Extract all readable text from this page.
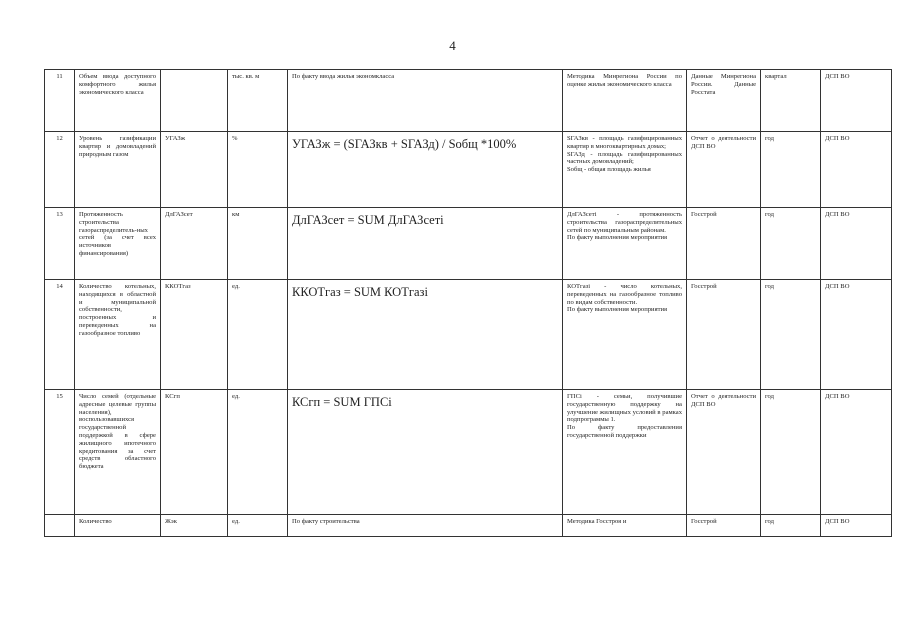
4
11	Объем ввода доступного комфортного жилья экономического класса		тыс. кв. м	По факту ввода жилья экономкласса	Методика Минрегиона России по оценке жилья экономического класса	Данные Минрегиона России. Данные Росстата	квартал	ДСП ВО
12	Уровень газификации квартир и домовладений природным газом	УГАЗж	%	УГАЗж = (SГАЗкв + SГАЗд) / Sобщ *100%	SГАЗкв - площадь газифицированных квартир в многоквартирных домах;
SГАЗд - площадь газифицированных частных домовладений;
Sобщ - общая площадь жилья	Отчет о деятельности ДСП ВО	год	ДСП ВО
13	Протяженность строительства газораспределитель-ных сетей (за счет всех источников финансирования)	ДлГАЗсет	км	ДлГАЗсет = SUM ДлГАЗсетi	ДлГАЗсетi - протяженность строительства газораспределительных сетей по муниципальным районам.
По факту выполнения мероприятия	Госстрой	год	ДСП ВО
14	Количество котельных, находящихся в областной и муниципальной собственности, построенных и переведенных на газообразное топливо	ККОТгаз	ед.	ККОТгаз = SUM КОТгазi	КОТгазi - число котельных, переведенных на газообразное топливо по видам собственности.
По факту выполнения мероприятия	Госстрой	год	ДСП ВО
15	Число семей (отдельные адресные целевые группы населения), воспользовавшихся государственной поддержкой в сфере жилищного ипотечного кредитования за счет средств областного бюджета	КСгп	ед.	КСгп = SUM ГПСi	ГПСi - семьи, получившие государственную поддержку на улучшение жилищных условий в рамках подпрограммы 1.
По факту предоставления государственной поддержки	Отчет о деятельности ДСП ВО	год	ДСП ВО
	Количество	Жэк	ед.	По факту строительства	Методика Госстроя и	Госстрой	год	ДСП ВО
